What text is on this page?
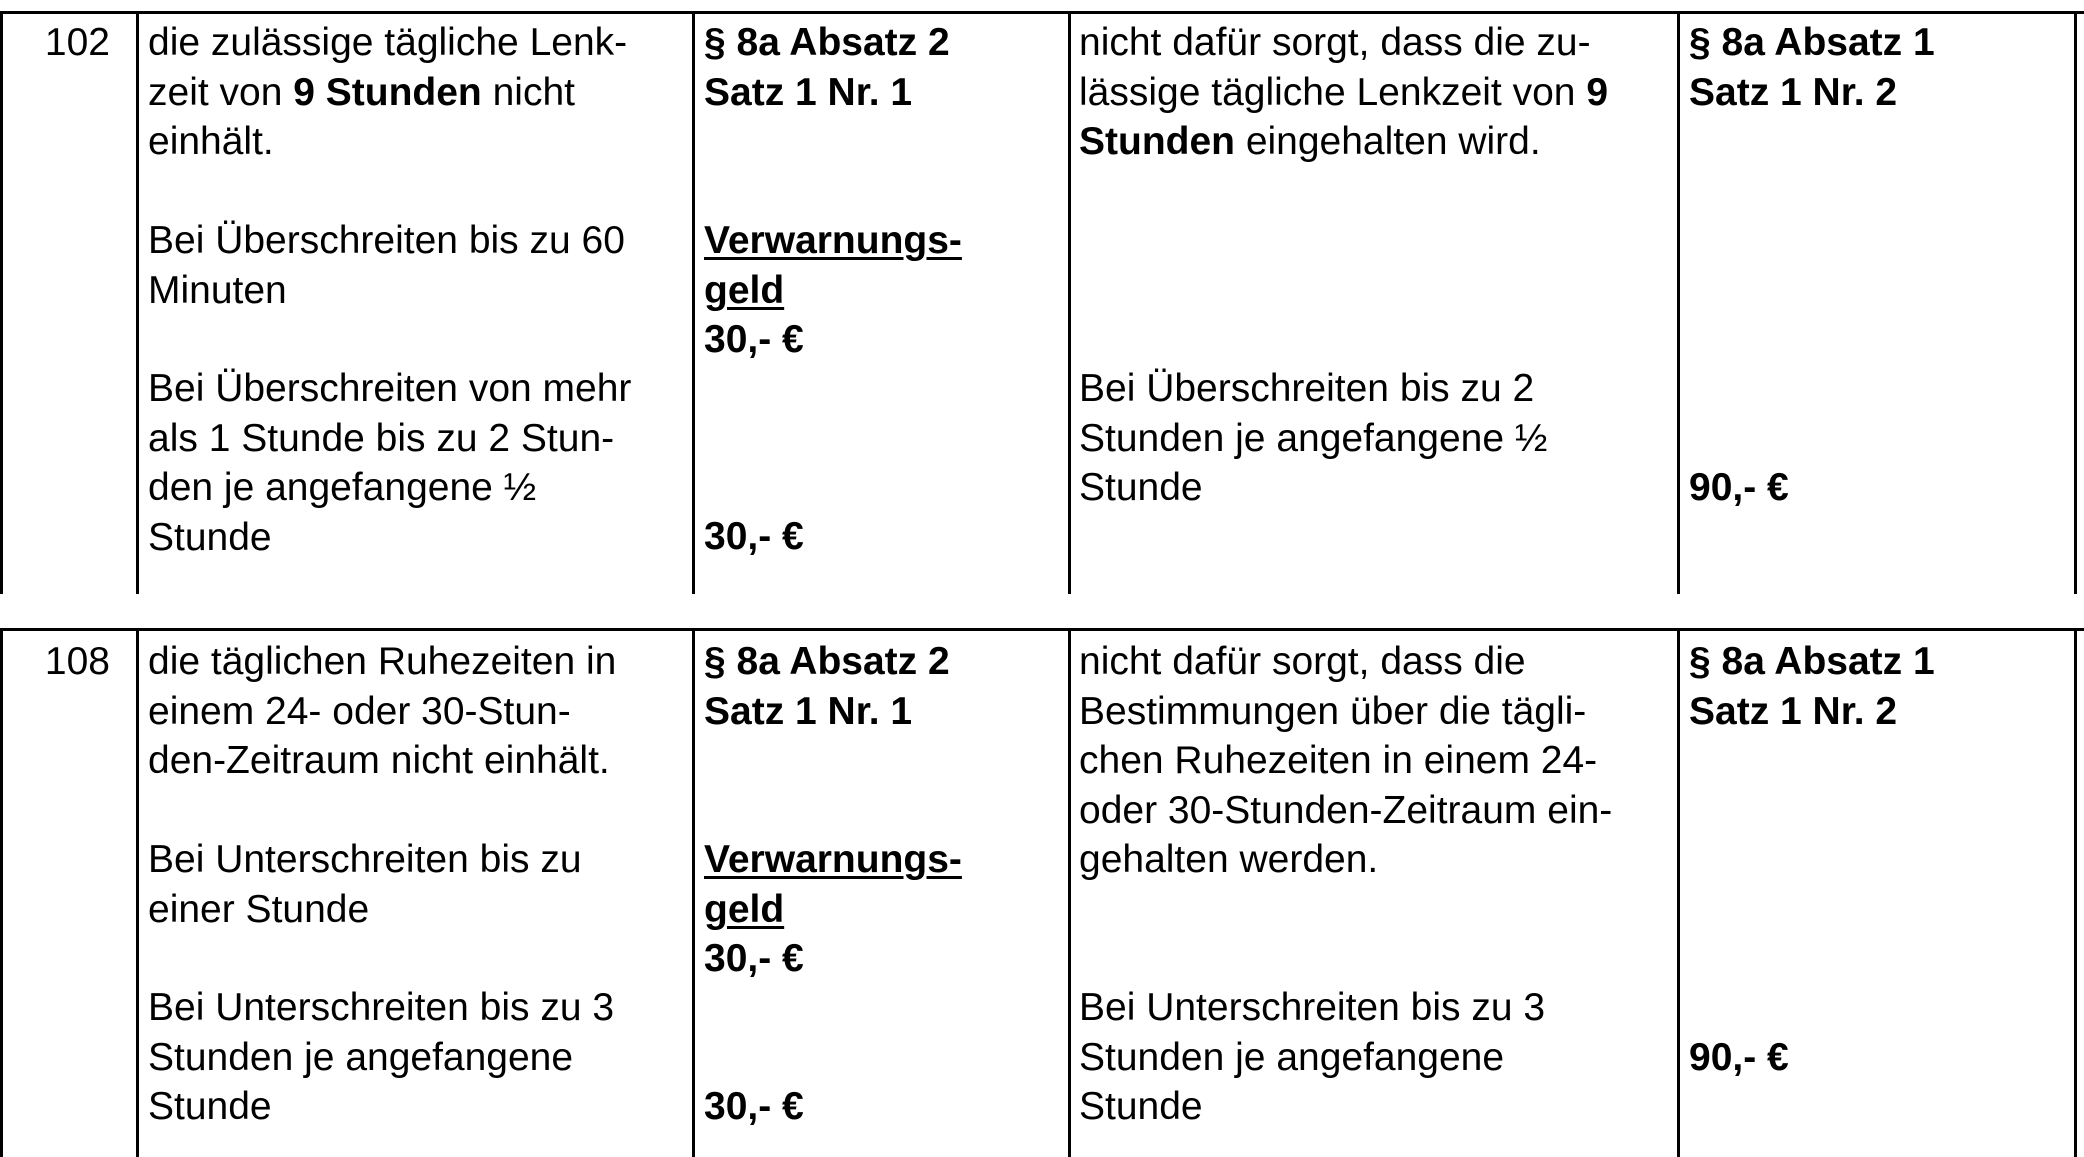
102 die zulässige tägliche Lenk-
zeit von 9 Stunden nicht
einhält.
Bei Überschreiten bis zu 60
Minuten
Bei Überschreiten von mehr
als 1 Stunde bis zu 2 Stun-
den je angefangene ½
Stunde
§ 8a Absatz 2
Satz 1 Nr. 1
Verwarnungs-
geld
30,- €
30,- €
nicht dafür sorgt, dass die zu-
lässige tägliche Lenkzeit von 9
Stunden eingehalten wird.
Bei Überschreiten bis zu 2
Stunden je angefangene ½
Stunde
§ 8a Absatz 1
Satz 1 Nr. 2
90,- €
108 die täglichen Ruhezeiten in
einem 24- oder 30-Stun-
den-Zeitraum nicht einhält.
Bei Unterschreiten bis zu
einer Stunde
Bei Unterschreiten bis zu 3
Stunden je angefangene
Stunde
§ 8a Absatz 2
Satz 1 Nr. 1
Verwarnungs-
geld
30,- €
30,- €
nicht dafür sorgt, dass die
Bestimmungen über die tägli-
chen Ruhezeiten in einem 24-
oder 30-Stunden-Zeitraum ein-
gehalten werden.
Bei Unterschreiten bis zu 3
Stunden je angefangene
Stunde
§ 8a Absatz 1
Satz 1 Nr. 2
90,- €
